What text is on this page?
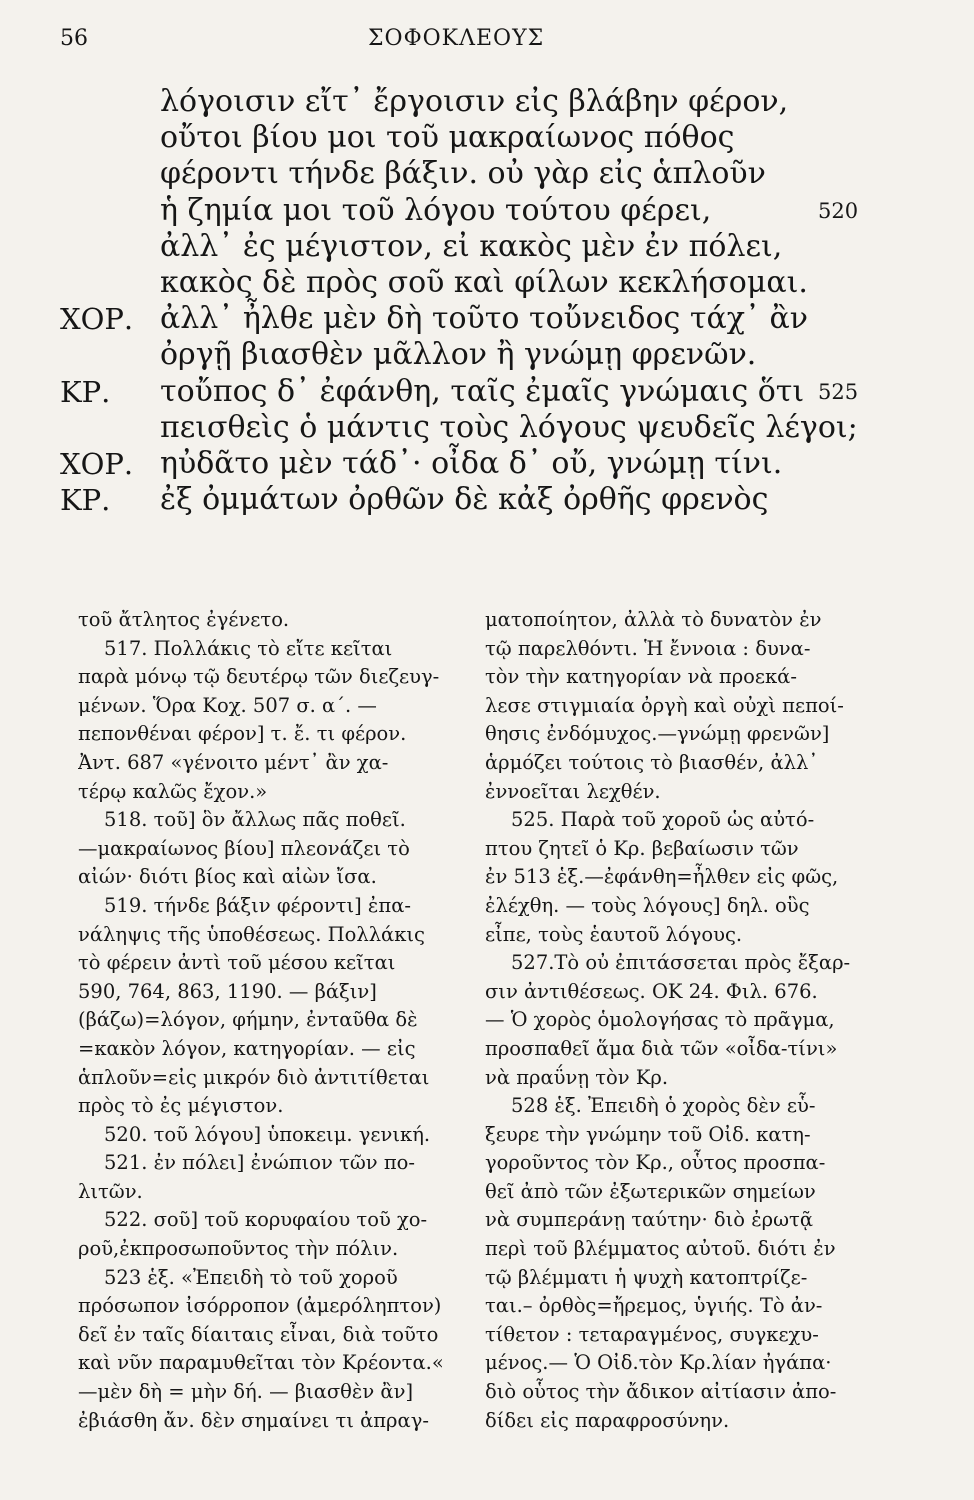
56	ΣΟΦΟΚΛΕΟΥΣ
λόγοισιν εἴτ᾽ ἔργοισιν εἰς βλάβην φέρον,
οὔτοι βίου μοι τοῦ μακραίωνος πόθος
φέροντι τήνδε βάξιν. οὐ γὰρ εἰς ἁπλοῦν
ἡ ζημία μοι τοῦ λόγου τούτου φέρει,	520
ἀλλ᾽ ἐς μέγιστον, εἰ κακὸς μὲν ἐν πόλει,
κακὸς δὲ πρὸς σοῦ καὶ φίλων κεκλήσομαι.
ΧΟΡ. ἀλλ᾽ ἦλθε μὲν δὴ τοῦτο τοὔνειδος τάχ᾽ ἂν
ὀργῇ βιασθὲν μᾶλλον ἢ γνώμῃ φρενῶν.
ΚΡ. τοὔπος δ᾽ ἐφάνθη, ταῖς ἐμαῖς γνώμαις ὅτι 525
πεισθεὶς ὁ μάντις τοὺς λόγους ψευδεῖς λέγοι;
ΧΟΡ. ηὐδᾶτο μὲν τάδ᾽· οἶδα δ᾽ οὔ, γνώμῃ τίνι.
ΚΡ. ἐξ ὀμμάτων ὀρθῶν δὲ κἀξ ὀρθῆς φρενὸς

τοῦ ἄτλητος ἐγένετο.

517. Πολλάκις τὸ εἴτε κεῖται

παρὰ μόνῳ τῷ δευτέρῳ τῶν διεζευγ-

μένων. Ὅρα Κοχ. 507 σ. α΄. —

πεπονθέναι φέρον] τ. ἔ. τι φέρον.

Ἀντ. 687 «γένοιτο μέντ᾽ ἂν χα-

τέρῳ καλῶς ἔχον.»

518. τοῦ] ὃν ἄλλως πᾶς ποθεῖ.

—μακραίωνος βίου] πλεονάζει τὸ

αἰών· διότι βίος καὶ αἰὼν ἴσα.

519. τήνδε βάξιν φέροντι] ἐπα-

νάληψις τῆς ὑποθέσεως. Πολλάκις

τὸ φέρειν ἀντὶ τοῦ μέσου κεῖται

590, 764, 863, 1190. — βάξιν]

(βάζω)=λόγον, φήμην, ἐνταῦθα δὲ

=κακὸν λόγον, κατηγορίαν. — εἰς

ἁπλοῦν=εἰς μικρόν διὸ ἀντιτίθεται

πρὸς τὸ ἐς μέγιστον.

520. τοῦ λόγου] ὑποκειμ. γενική.

521. ἐν πόλει] ἐνώπιον τῶν πο-

λιτῶν.

522. σοῦ] τοῦ κορυφαίου τοῦ χο-

ροῦ,ἐκπροσωποῦντος τὴν πόλιν.

523 ἑξ. «Ἐπειδὴ τὸ τοῦ χοροῦ

πρόσωπον ἰσόρροπον (ἀμερόληπτον)

δεῖ ἐν ταῖς δίαιταις εἶναι, διὰ τοῦτο

καὶ νῦν παραμυθεῖται τὸν Κρέοντα.«

—μὲν δὴ = μὴν δή. — βιασθὲν ἂν]

ἐβιάσθη ἄν. δὲν σημαίνει τι ἀπραγ-

ματοποίητον, ἀλλὰ τὸ δυνατὸν ἐν

τῷ παρελθόντι. Ἡ ἔννοια : δυνα-

τὸν τὴν κατηγορίαν νὰ προεκά-

λεσε στιγμιαία ὀργὴ καὶ οὐχὶ πεποί-

θησις ἐνδόμυχος.—γνώμῃ φρενῶν]

ἁρμόζει τούτοις τὸ βιασθέν, ἀλλ᾽

ἐννοεῖται λεχθέν.

525. Παρὰ τοῦ χοροῦ ὡς αὐτό-

πτου ζητεῖ ὁ Κρ. βεβαίωσιν τῶν

ἐν 513 ἑξ.—ἐφάνθη=ἦλθεν εἰς φῶς,

ἐλέχθη. — τοὺς λόγους] δηλ. οὓς

εἶπε, τοὺς ἑαυτοῦ λόγους.

527.Τὸ οὐ ἐπιτάσσεται πρὸς ἔξαρ-

σιν ἀντιθέσεως. ΟΚ 24. Φιλ. 676.

— Ὁ χορὸς ὁμολογήσας τὸ πρᾶγμα,

προσπαθεῖ ἅμα διὰ τῶν «οἶδα-τίνι»

νὰ πραΰνῃ τὸν Κρ.

528 ἑξ. Ἐπειδὴ ὁ χορὸς δὲν εὗ-

ξευρε τὴν γνώμην τοῦ Οἰδ. κατη-

γοροῦντος τὸν Κρ., οὗτος προσπα-

θεῖ ἀπὸ τῶν ἐξωτερικῶν σημείων

νὰ συμπεράνῃ ταύτην· διὸ ἐρωτᾷ

περὶ τοῦ βλέμματος αὐτοῦ. διότι ἐν

τῷ βλέμματι ἡ ψυχὴ κατοπτρίζε-

ται.– ὀρθὸς=ἤρεμος, ὑγιής. Τὸ ἀν-

τίθετον : τεταραγμένος, συγκεχυ-

μένος.— Ὁ Οἰδ.τὸν Κρ.λίαν ἠγάπα·

διὸ οὗτος τὴν ἄδικον αἰτίασιν ἀπο-

δίδει εἰς παραφροσύνην.
